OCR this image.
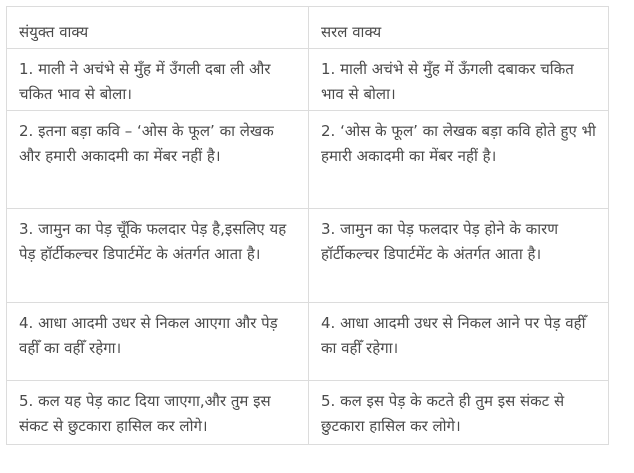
संयुक्त वाक्य	सरल वाक्य
1. माली ने अचंभे से मुँह में उँगली दबा ली और चकित भाव से बोला।	1. माली अचंभे से मुँह में ऊँगली दबाकर चकित भाव से बोला।
2. इतना बड़ा कवि – ‘ओस के फूल’ का लेखक और हमारी अकादमी का मेंबर नहीं है।	2. ‘ओस के फूल’ का लेखक बड़ा कवि होते हुए भी हमारी अकादमी का मेंबर नहीं है।
3. जामुन का पेड़ चूँकि फलदार पेड़ है,इसलिए यह पेड़ हॉर्टीकल्चर डिपार्टमेंट के अंतर्गत आता है।	3. जामुन का पेड़ फलदार पेड़ होने के कारण हॉर्टीकल्चर डिपार्टमेंट के अंतर्गत आता है।
4. आधा आदमी उधर से निकल आएगा और पेड़ वहीँ का वहीँ रहेगा।	4. आधा आदमी उधर से निकल आने पर पेड़ वहीँ का वहीँ रहेगा।
5. कल यह पेड़ काट दिया जाएगा,और तुम इस संकट से छुटकारा हासिल कर लोगे।	5. कल इस पेड़ के कटते ही तुम इस संकट से छुटकारा हासिल कर लोगे।
